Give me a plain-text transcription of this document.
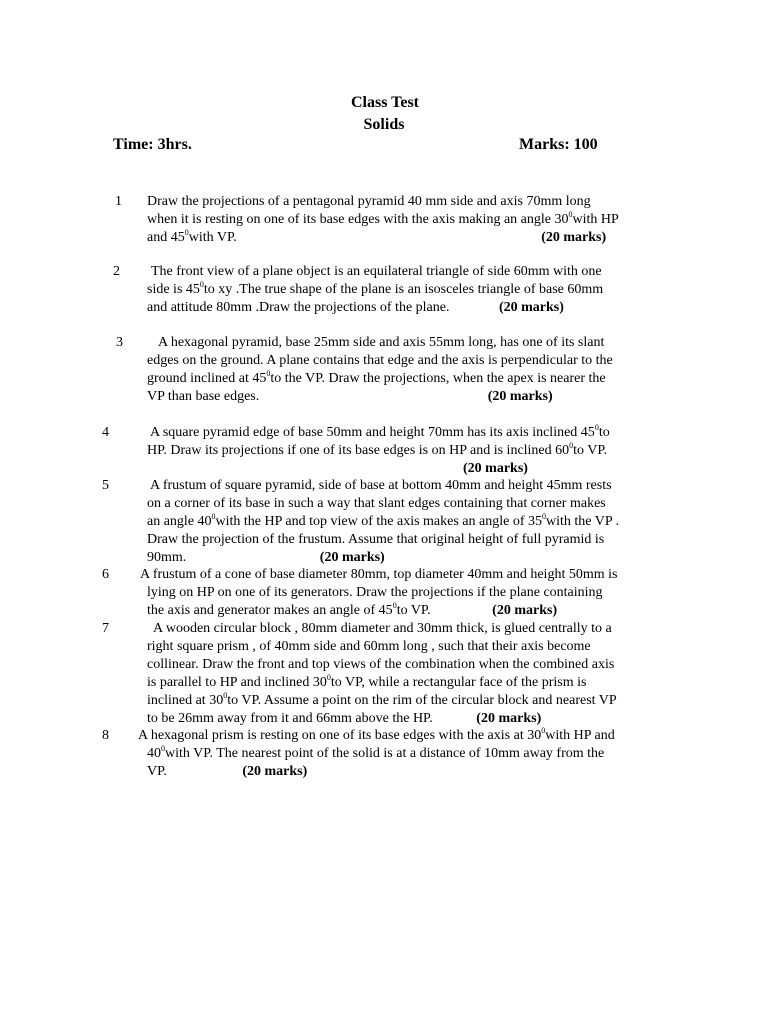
Class Test
Solids
Time: 3hrs.	Marks: 100
1 Draw the projections of a pentagonal pyramid 40 mm side and axis 70mm long
when it is resting on one of its base edges with the axis making an angle $30^0with$ HP
and $45^0with$ VP.	(20 marks)
2 The front view of a plane object is an equilateral triangle of side 60mm with one
side is $45^0to$ xy .The true shape of the plane is an isosceles triangle of base 60mm
and attitude 80mm .Draw the projections of the plane.	(20 marks)
3	A hexagonal pyramid, base 25mm side and axis 55mm long, has one of its slant
edges on the ground. A plane contains that edge and the axis is perpendicular to the
ground inclined at $45^0to$ the VP. Draw the projections, when the apex is nearer the
VP than base edges.	(20 marks)
4	A square pyramid edge of base 50mm and height 70mm has its axis inclined $45^0to$
HP. Draw its projections if one of its base edges is on HP and is inclined $60^0to$ VP.
(20 marks)
5	A frustum of square pyramid, side of base at bottom 40mm and height 45mm rests
on a corner of its base in such a way that slant edges containing that corner makes
an angle $40^0with$ the HP and top view of the axis makes an angle of $35^0with$ the VP .
Draw the projection of the frustum. Assume that original height of full pyramid is
90mm.	(20 marks)
6 A frustum of a cone of base diameter 80mm, top diameter 40mm and height 50mm is
lying on HP on one of its generators. Draw the projections if the plane containing
the axis and generator makes an angle of $45^0to$ VP.	(20 marks)
7	A wooden circular block , 80mm diameter and 30mm thick, is glued centrally to a
right square prism , of 40mm side and 60mm long , such that their axis become
collinear. Draw the front and top views of the combination when the combined axis
is parallel to HP and inclined $30^0to$ VP, while a rectangular face of the prism is
inclined at $30^0to$ VP. Assume a point on the rim of the circular block and nearest VP
to be 26mm away from it and 66mm above the HP.	(20 marks)
8 A hexagonal prism is resting on one of its base edges with the axis at $30^0with$ HP and
$40^0with$ VP. The nearest point of the solid is at a distance of 10mm away from the
VP.	(20 marks)
